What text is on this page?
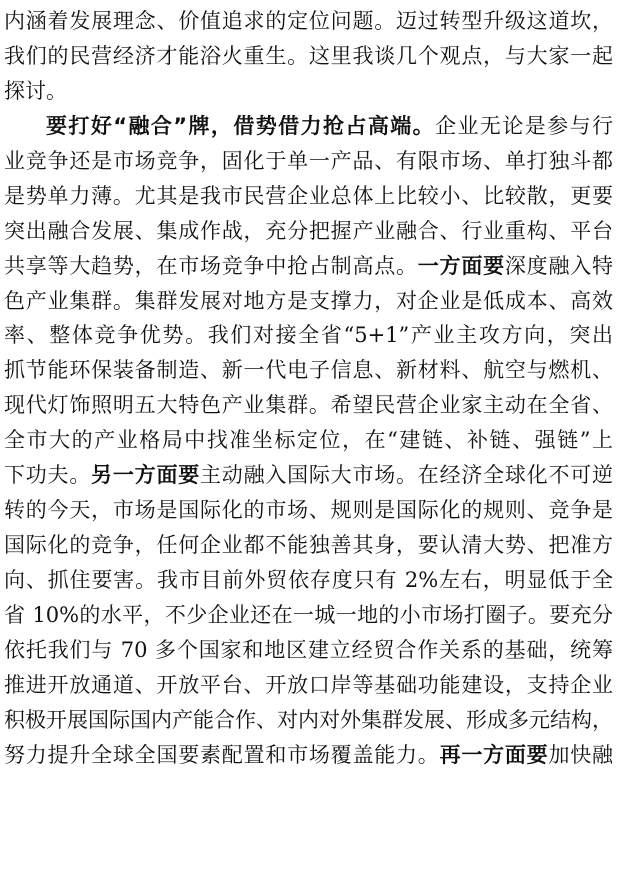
内涵着发展理念、价值追求的定位问题。迈过转型升级这道坎，
我们的民营经济才能浴火重生。这里我谈几个观点，与大家一起
探讨。
要打好“融合”牌，借势借力抢占高端。企业无论是参与行
业竞争还是市场竞争，固化于单一产品、有限市场、单打独斗都
是势单力薄。尤其是我市民营企业总体上比较小、比较散，更要
突出融合发展、集成作战，充分把握产业融合、行业重构、平台
共享等大趋势，在市场竞争中抢占制高点。一方面要深度融入特
色产业集群。集群发展对地方是支撑力，对企业是低成本、高效
率、整体竞争优势。我们对接全省“5+1”产业主攻方向，突出
抓节能环保装备制造、新一代电子信息、新材料、航空与燃机、
现代灯饰照明五大特色产业集群。希望民营企业家主动在全省、
全市大的产业格局中找准坐标定位，在“建链、补链、强链”上
下功夫。另一方面要主动融入国际大市场。在经济全球化不可逆
转的今天，市场是国际化的市场、规则是国际化的规则、竞争是
国际化的竞争，任何企业都不能独善其身，要认清大势、把准方
向、抓住要害。我市目前外贸依存度只有 2%左右，明显低于全
省 10%的水平，不少企业还在一城一地的小市场打圈子。要充分
依托我们与 70 多个国家和地区建立经贸合作关系的基础，统筹
推进开放通道、开放平台、开放口岸等基础功能建设，支持企业
积极开展国际国内产能合作、对内对外集群发展、形成多元结构，
努力提升全球全国要素配置和市场覆盖能力。再一方面要加快融
